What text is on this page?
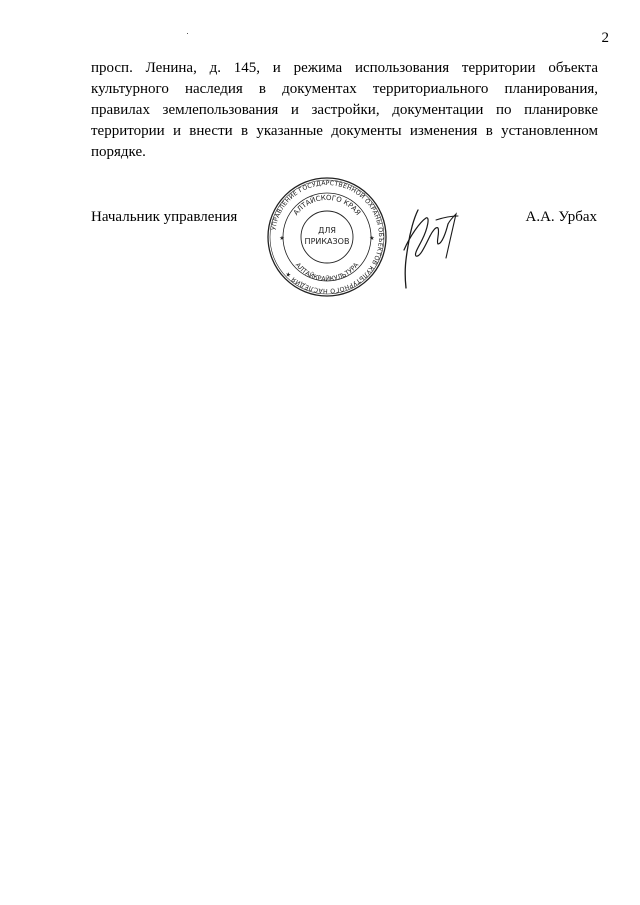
2
просп. Ленина, д. 145, и режима использования территории объекта
культурного наследия в документах территориального планирования,
правилах землепользования и застройки, документации по планировке
территории и внести в указанные документы изменения в установленном
порядке.
Начальник управления
УПРАВЛЕНИЕ ГОСУДАРСТВЕННОЙ ОХРАНЫ ОБЪЕКТОВ КУЛЬТУРНОГО НАСЛЕДИЯ ★
АЛТАЙСКОГО КРАЯ
АЛТАЙКРАЙКУЛЬТУРА
ДЛЯ
ПРИКАЗОВ
★	★
А.А. Урбах
